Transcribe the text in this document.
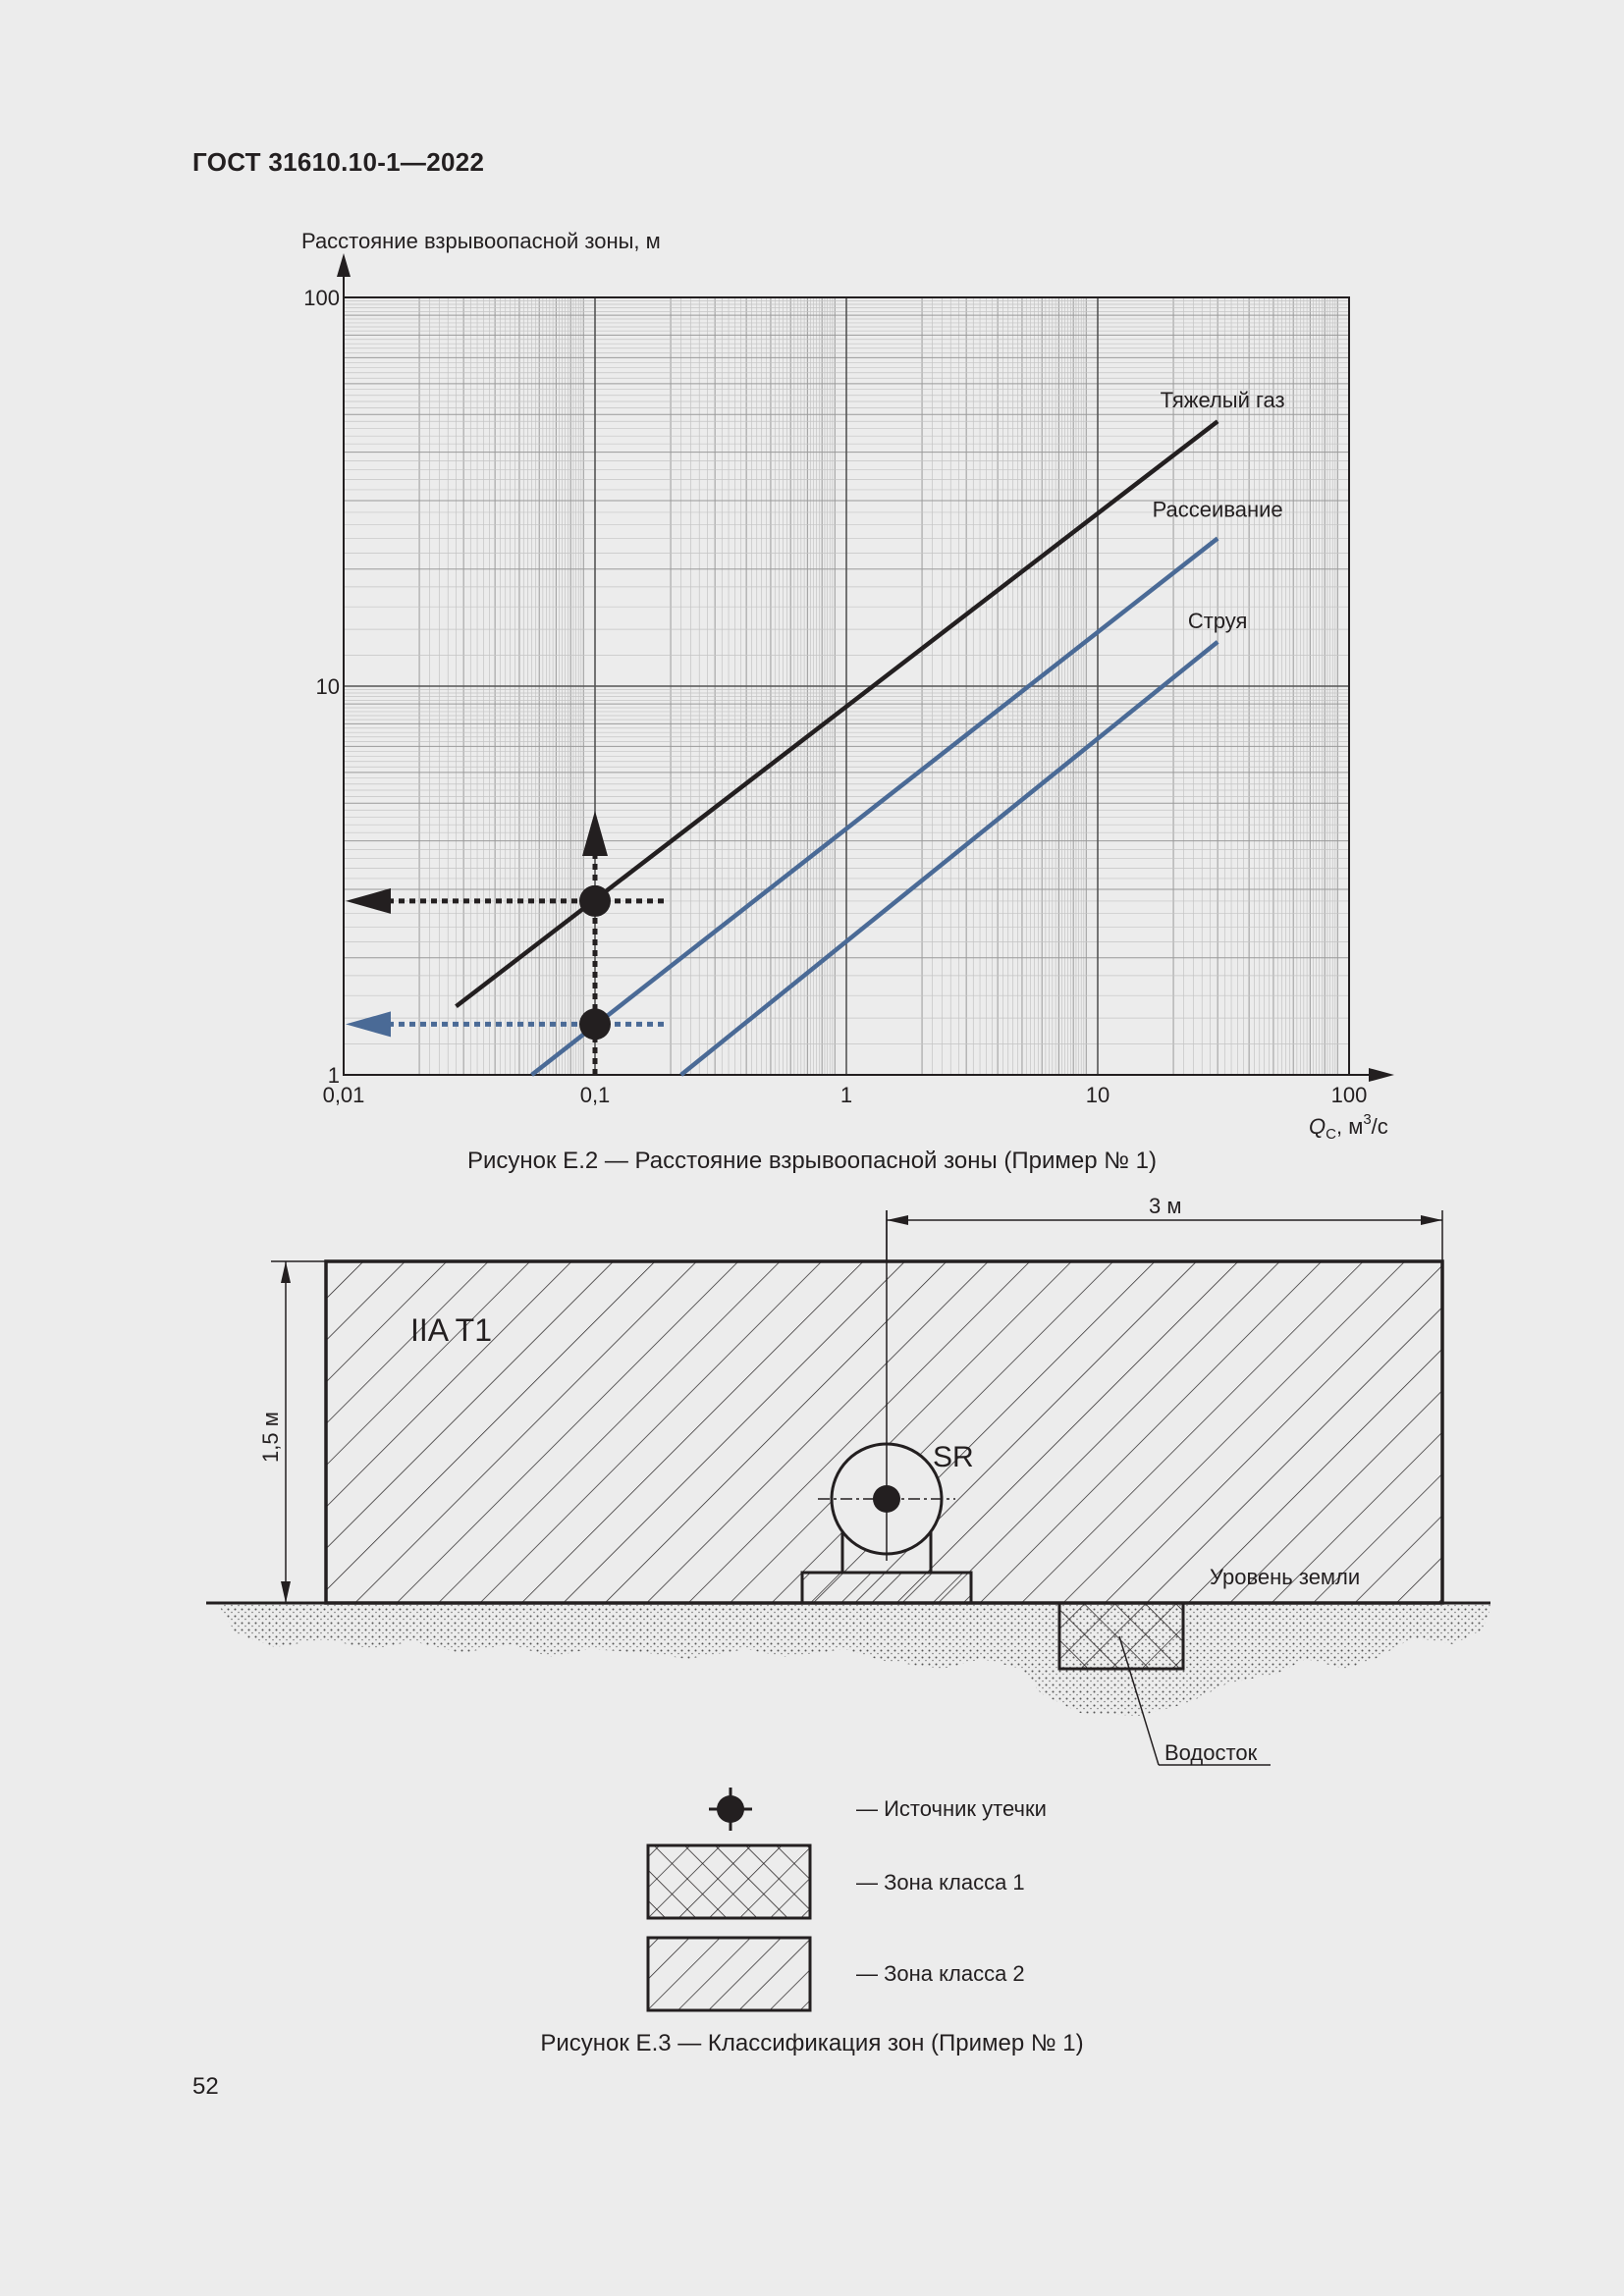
ГОСТ 31610.10-1—2022
Расстояние взрывоопасной зоны, м
0,01	0,1	1	10	100
1
10
100
$Q_C$, $м^3/с$
Тяжелый газ
Рассеивание
Струя
Рисунок Е.2 — Расстояние взрывоопасной зоны (Пример № 1)
Водосток
SR
IIA T1
Уровень земли
3 м
1,5 м
— Источник утечки
— Зона класса 1
— Зона класса 2
Рисунок Е.3 — Классификация зон (Пример № 1)
52
